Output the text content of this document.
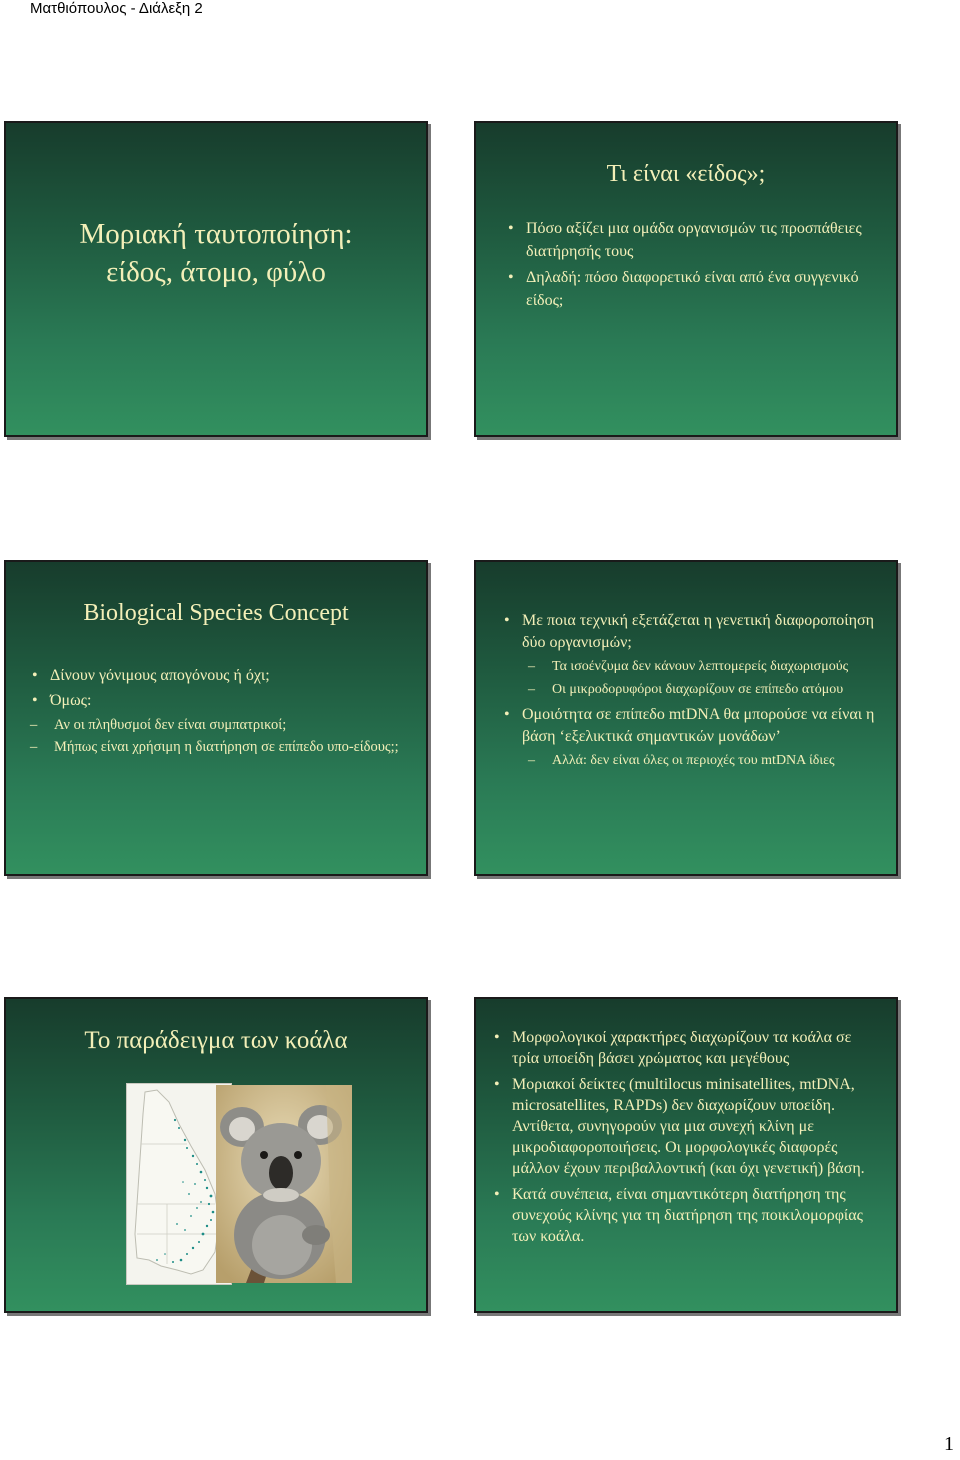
Ματθιόπουλος - Διάλεξη 2
Μοριακή ταυτοποίηση:
είδος, άτομο, φύλο
Τι είναι «είδος»;
• Πόσο αξίζει μια ομάδα οργανισμών τις προσπάθειες διατήρησής τους
• Δηλαδή: πόσο διαφορετικό είναι από ένα συγγενικό είδος;
Biological Species Concept
• Δίνουν γόνιμους απογόνους ή όχι;
• Όμως:
– Αν οι πληθυσμοί δεν είναι συμπατρικοί;
– Μήπως είναι χρήσιμη η διατήρηση σε επίπεδο υπο-είδους;;
• Με ποια τεχνική εξετάζεται η γενετική διαφοροποίηση δύο οργανισμών;
– Τα ισοένζυμα δεν κάνουν λεπτομερείς διαχωρισμούς
– Οι μικροδορυφόροι διαχωρίζουν σε επίπεδο ατόμου
• Ομοιότητα σε επίπεδο mtDNA θα μπορούσε να είναι η βάση ‘εξελικτικά σημαντικών μονάδων’
– Αλλά: δεν είναι όλες οι περιοχές του mtDNA ίδιες
Το παράδειγμα των κοάλα
•	Μορφολογικοί χαρακτήρες διαχωρίζουν τα κοάλα σε τρία υποείδη βάσει χρώματος και μεγέθους
• Μοριακοί δείκτες (multilocus minisatellites, mtDNA, microsatellites, RAPDs) δεν διαχωρίζουν υποείδη. Αντίθετα, συνηγορούν για μια συνεχή κλίνη με μικροδιαφοροποιήσεις. Οι μορφολογικές διαφορές μάλλον έχουν περιβαλλοντική (και όχι γενετική) βάση.
• Κατά συνέπεια, είναι σημαντικότερη διατήρηση της συνεχούς κλίνης για τη διατήρηση της ποικιλομορφίας των κοάλα.
1
